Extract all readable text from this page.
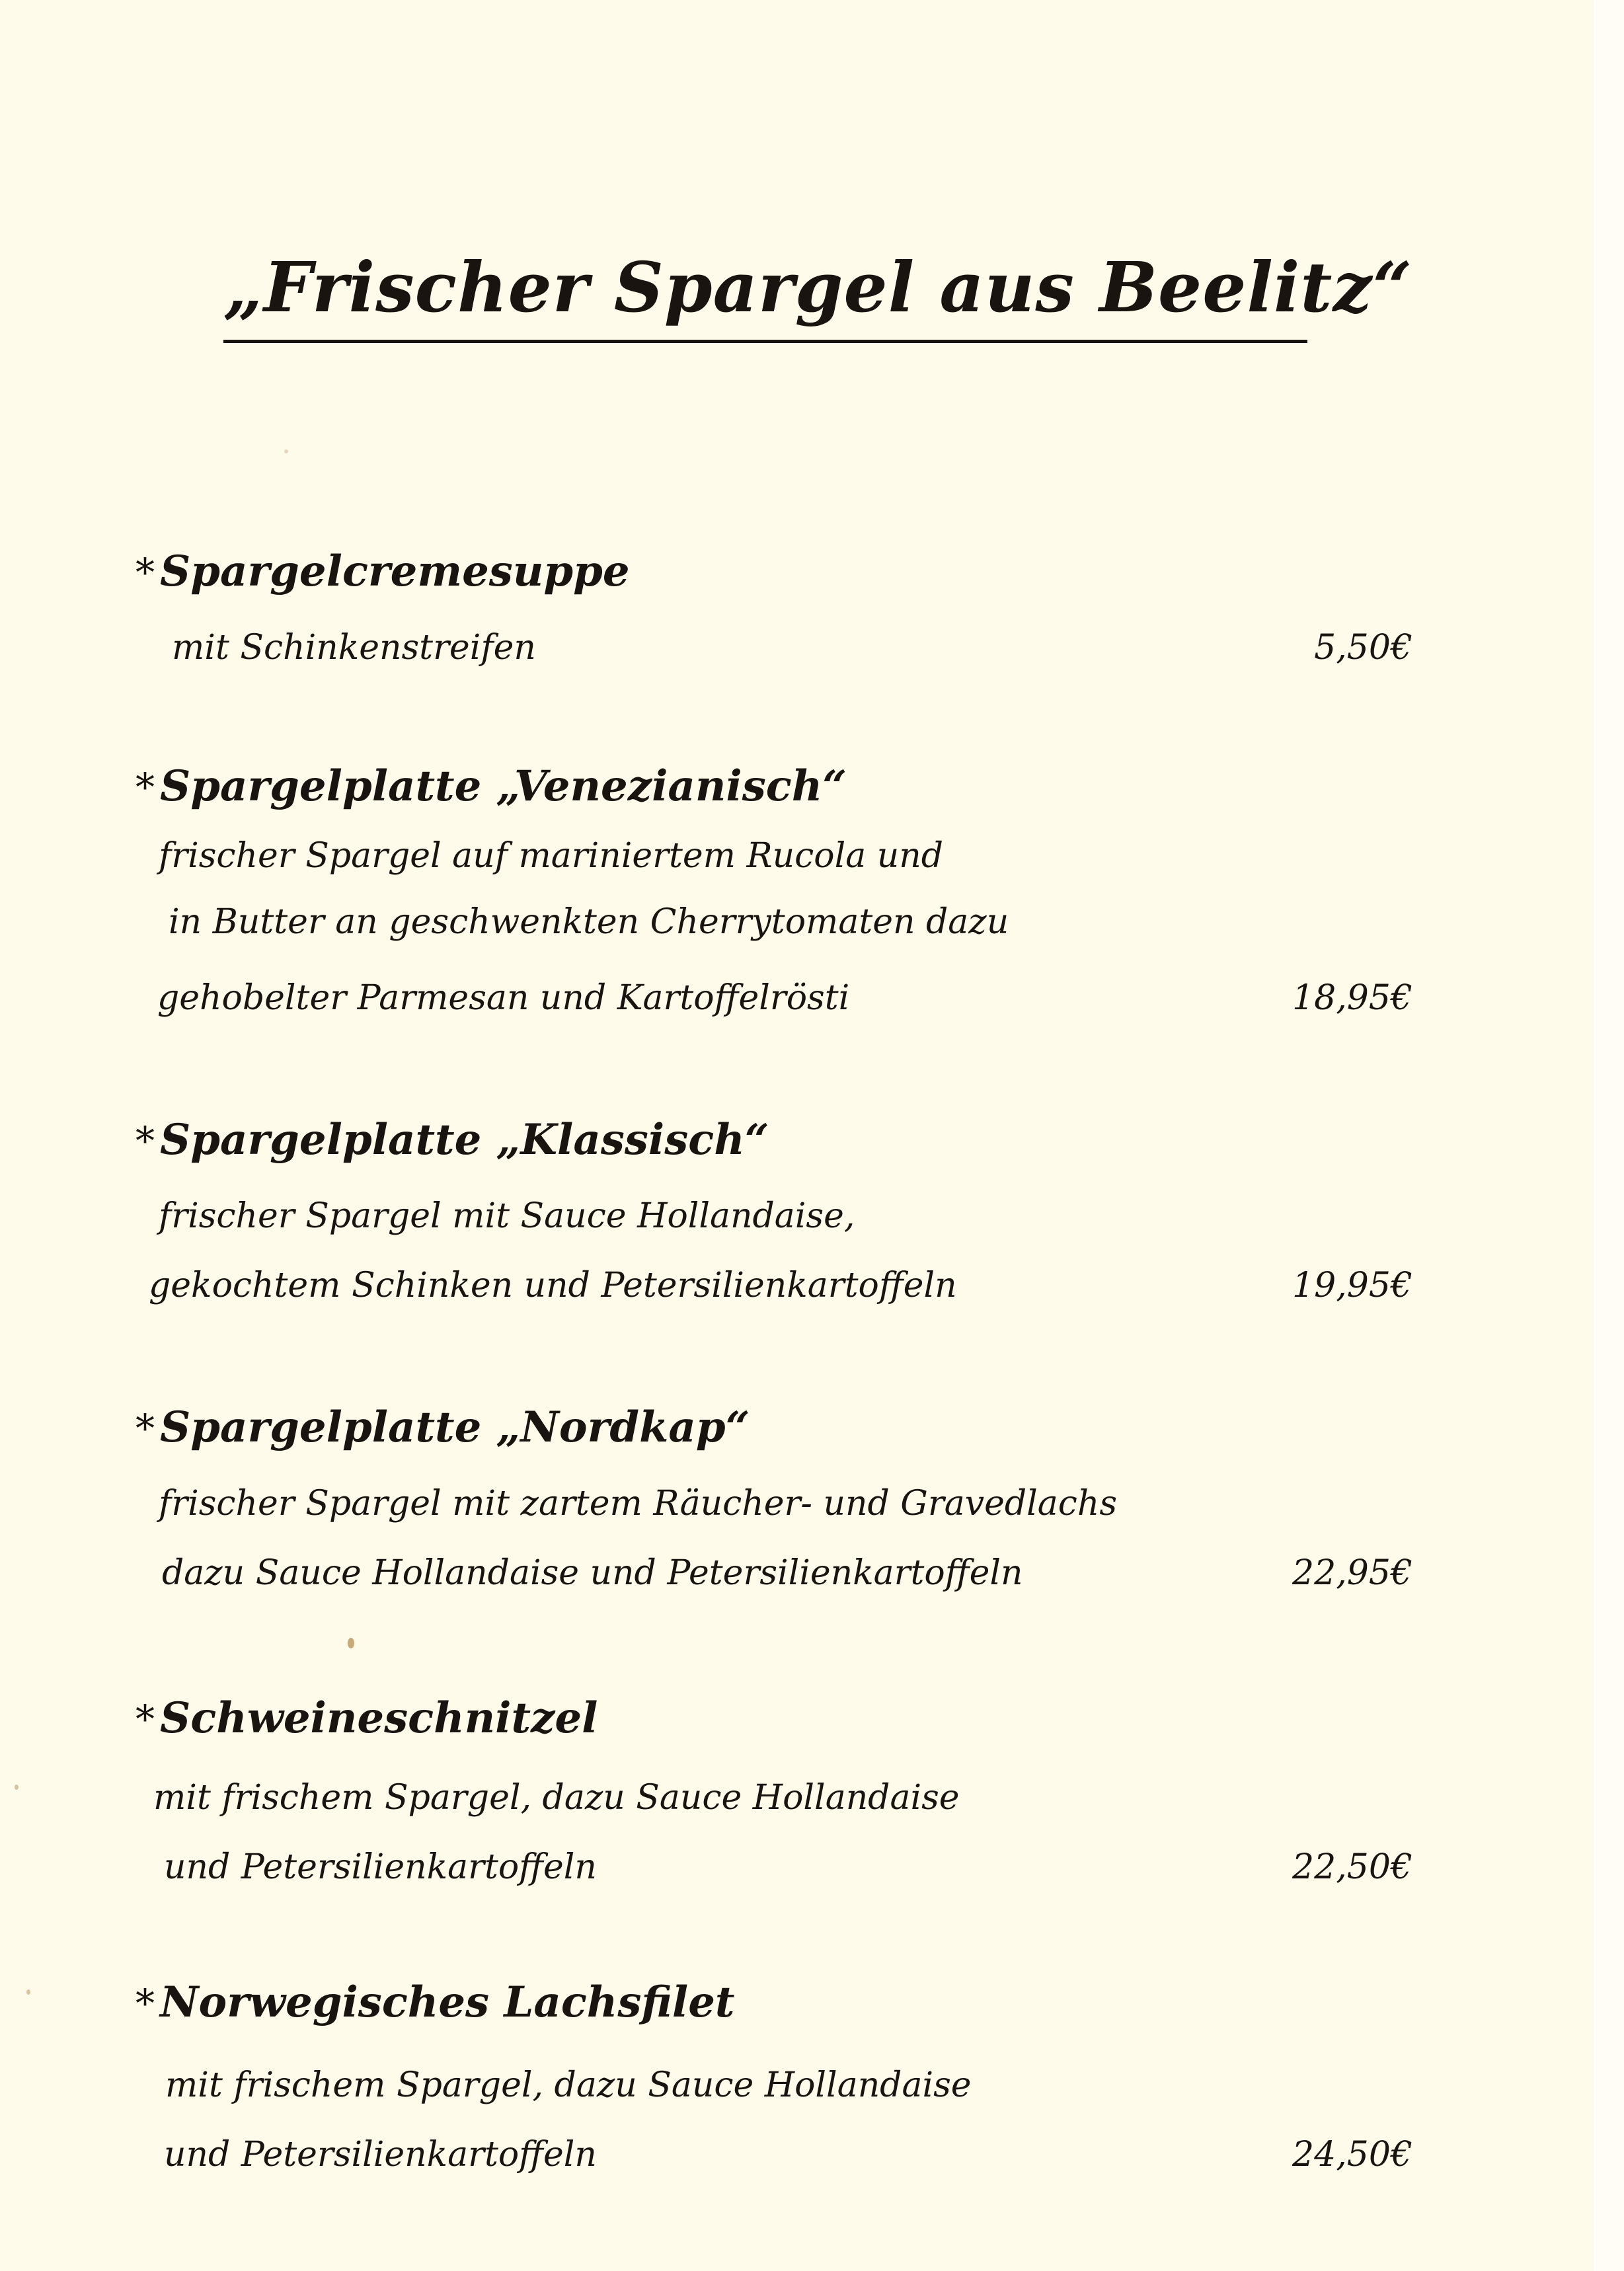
„Frischer Spargel aus Beelitz“
* Spargelcremesuppe
mit Schinkenstreifen	5,50€
* Spargelplatte „Venezianisch“
frischer Spargel auf mariniertem Rucola und
in Butter an geschwenkten Cherrytomaten dazu
gehobelter Parmesan und Kartoffelrösti	18,95€
* Spargelplatte „Klassisch“
frischer Spargel mit Sauce Hollandaise,
gekochtem Schinken und Petersilienkartoffeln	19,95€
* Spargelplatte „Nordkap“
frischer Spargel mit zartem Räucher- und Gravedlachs
dazu Sauce Hollandaise und Petersilienkartoffeln	22,95€
* Schweineschnitzel
mit frischem Spargel, dazu Sauce Hollandaise
und Petersilienkartoffeln	22,50€
* Norwegisches Lachsfilet
mit frischem Spargel, dazu Sauce Hollandaise
und Petersilienkartoffeln	24,50€
